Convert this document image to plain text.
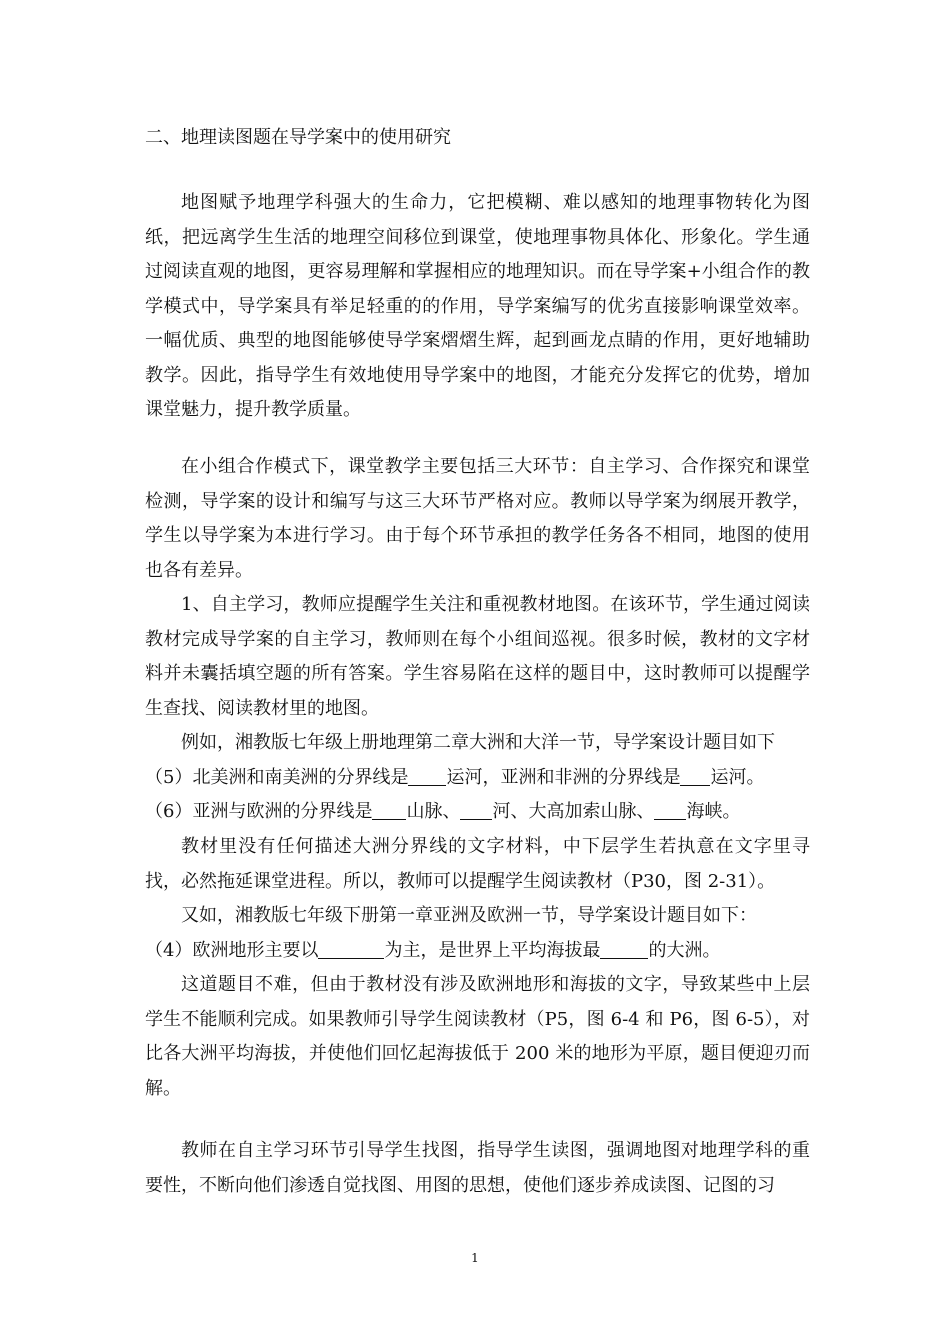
二、地理读图题在导学案中的使用研究

地图赋予地理学科强大的生命力，它把模糊、难以感知的地理事物转化为图纸，把远离学生生活的地理空间移位到课堂，使地理事物具体化、形象化。学生通过阅读直观的地图，更容易理解和掌握相应的地理知识。而在导学案+小组合作的教学模式中，导学案具有举足轻重的的作用，导学案编写的优劣直接影响课堂效率。一幅优质、典型的地图能够使导学案熠熠生辉，起到画龙点睛的作用，更好地辅助教学。因此，指导学生有效地使用导学案中的地图，才能充分发挥它的优势，增加课堂魅力，提升教学质量。

在小组合作模式下，课堂教学主要包括三大环节：自主学习、合作探究和课堂检测，导学案的设计和编写与这三大环节严格对应。教师以导学案为纲展开教学，学生以导学案为本进行学习。由于每个环节承担的教学任务各不相同，地图的使用也各有差异。

1、自主学习，教师应提醒学生关注和重视教材地图。在该环节，学生通过阅读教材完成导学案的自主学习，教师则在每个小组间巡视。很多时候，教材的文字材料并未囊括填空题的所有答案。学生容易陷在这样的题目中，这时教师可以提醒学生查找、阅读教材里的地图。

例如，湘教版七年级上册地理第二章大洲和大洋一节，导学案设计题目如下

（5）北美洲和南美洲的分界线是 运河，亚洲和非洲的分界线是 运河。
（6）亚洲与欧洲的分界线是 山脉、 河、大高加索山脉、 海峡。

教材里没有任何描述大洲分界线的文字材料，中下层学生若执意在文字里寻找，必然拖延课堂进程。所以，教师可以提醒学生阅读教材（P30，图 2-31）。

又如，湘教版七年级下册第一章亚洲及欧洲一节，导学案设计题目如下：

（4）欧洲地形主要以	为主，是世界上平均海拔最	的大洲。

这道题目不难，但由于教材没有涉及欧洲地形和海拔的文字，导致某些中上层学生不能顺利完成。如果教师引导学生阅读教材（P5，图 6-4 和 P6，图 6-5），对比各大洲平均海拔，并使他们回忆起海拔低于 200 米的地形为平原，题目便迎刃而解。

教师在自主学习环节引导学生找图，指导学生读图，强调地图对地理学科的重要性，不断向他们渗透自觉找图、用图的思想，使他们逐步养成读图、记图的习

1
